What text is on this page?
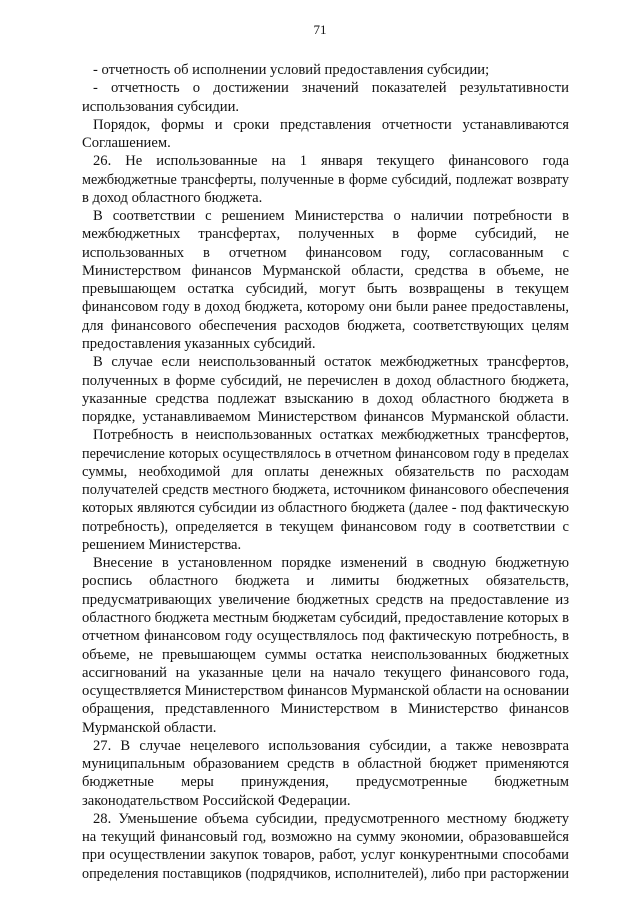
71
- отчетность об исполнении условий предоставления субсидии;
- отчетность о достижении значений показателей результативности
использования субсидии.
Порядок, формы и сроки представления отчетности устанавливаются
Соглашением.
26. Не использованные на 1 января текущего финансового года
межбюджетные трансферты, полученные в форме субсидий, подлежат возврату
в доход областного бюджета.
В соответствии с решением Министерства о наличии потребности в
межбюджетных трансфертах, полученных в форме субсидий, не
использованных в отчетном финансовом году, согласованным с
Министерством финансов Мурманской области, средства в объеме, не
превышающем остатка субсидий, могут быть возвращены в текущем
финансовом году в доход бюджета, которому они были ранее предоставлены,
для финансового обеспечения расходов бюджета, соответствующих целям
предоставления указанных субсидий.
В случае если неиспользованный остаток межбюджетных трансфертов,
полученных в форме субсидий, не перечислен в доход областного бюджета,
указанные средства подлежат взысканию в доход областного бюджета в
порядке, устанавливаемом Министерством финансов Мурманской области.
Потребность в неиспользованных остатках межбюджетных трансфертов,
перечисление которых осуществлялось в отчетном финансовом году в пределах
суммы, необходимой для оплаты денежных обязательств по расходам
получателей средств местного бюджета, источником финансового обеспечения
которых являются субсидии из областного бюджета (далее - под фактическую
потребность), определяется в текущем финансовом году в соответствии с
решением Министерства.
Внесение в установленном порядке изменений в сводную бюджетную
роспись областного бюджета и лимиты бюджетных обязательств,
предусматривающих увеличение бюджетных средств на предоставление из
областного бюджета местным бюджетам субсидий, предоставление которых в
отчетном финансовом году осуществлялось под фактическую потребность, в
объеме, не превышающем суммы остатка неиспользованных бюджетных
ассигнований на указанные цели на начало текущего финансового года,
осуществляется Министерством финансов Мурманской области на основании
обращения, представленного Министерством в Министерство финансов
Мурманской области.
27. В случае нецелевого использования субсидии, а также невозврата
муниципальным образованием средств в областной бюджет применяются
бюджетные меры принуждения, предусмотренные бюджетным
законодательством Российской Федерации.
28. Уменьшение объема субсидии, предусмотренного местному бюджету
на текущий финансовый год, возможно на сумму экономии, образовавшейся
при осуществлении закупок товаров, работ, услуг конкурентными способами
определения поставщиков (подрядчиков, исполнителей), либо при расторжении
